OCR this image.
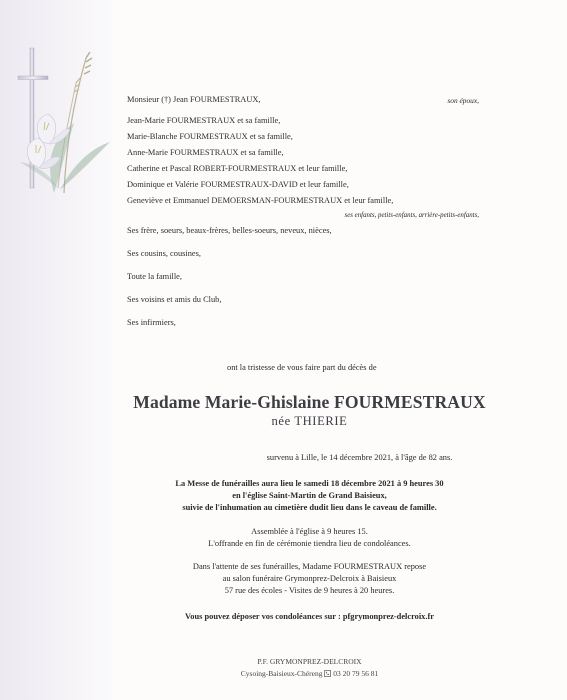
Monsieur (†) Jean FOURMESTRAUX,	son époux,
Jean-Marie FOURMESTRAUX et sa famille,
Marie-Blanche FOURMESTRAUX et sa famille,
Anne-Marie FOURMESTRAUX et sa famille,
Catherine et Pascal ROBERT-FOURMESTRAUX et leur famille,
Dominique et Valérie FOURMESTRAUX-DAVID et leur famille,
Geneviève et Emmanuel DEMOERSMAN-FOURMESTRAUX et leur famille,
ses enfants, petits-enfants, arrière-petits-enfants,
Ses frère, soeurs, beaux-frères, belles-soeurs, neveux, nièces,
Ses cousins, cousines,
Toute la famille,
Ses voisins et amis du Club,
Ses infirmiers,
ont la tristesse de vous faire part du décès de
Madame Marie-Ghislaine FOURMESTRAUX
née THIERIE
survenu à Lille, le 14 décembre 2021, à l'âge de 82 ans.
La Messe de funérailles aura lieu le samedi 18 décembre 2021 à 9 heures 30
en l'église Saint-Martin de Grand Baisieux,
suivie de l'inhumation au cimetière dudit lieu dans le caveau de famille.
Assemblée à l'église à 9 heures 15.
L'offrande en fin de cérémonie tiendra lieu de condoléances.
Dans l'attente de ses funérailles, Madame FOURMESTRAUX repose
au salon funéraire Grymonprez-Delcroix à Baisieux
57 rue des écoles - Visites de 9 heures à 20 heures.
Vous pouvez déposer vos condoléances sur : pfgrymonprez-delcroix.fr
P.F. GRYMONPREZ-DELCROIX
Cysoing-Baisieux-Chéreng 03 20 79 56 81
